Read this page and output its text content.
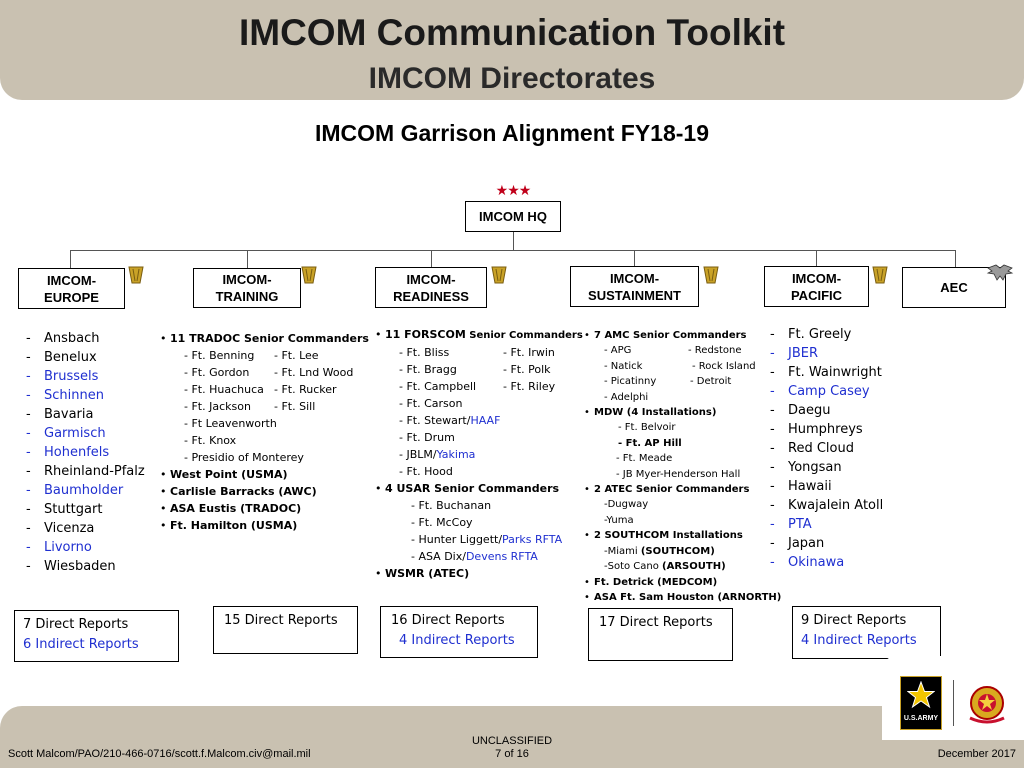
IMCOM Communication Toolkit
IMCOM Directorates
IMCOM Garrison Alignment FY18-19
★★★
IMCOM HQ
IMCOM-
EUROPE
IMCOM-
TRAINING
IMCOM-
READINESS
IMCOM-
SUSTAINMENT
IMCOM-
PACIFIC	AEC
- Ansbach
- Benelux
- Brussels
- Schinnen
- Bavaria
- Garmisch
- Hohenfels
- Rheinland-Pfalz
- Baumholder
- Stuttgart
- Vicenza
- Livorno
- Wiesbaden
• 11 TRADOC Senior Commanders
- Ft. Benning - Ft. Lee
- Ft. Gordon - Ft. Lnd Wood
- Ft. Huachuca - Ft. Rucker
- Ft. Jackson - Ft. Sill
- Ft Leavenworth
- Ft. Knox
- Presidio of Monterey
• West Point (USMA)
• Carlisle Barracks (AWC)
• ASA Eustis (TRADOC)
• Ft. Hamilton (USMA)
• 11 FORSCOM Senior Commanders
- Ft. Bliss	- Ft. Irwin
- Ft. Bragg	- Ft. Polk
- Ft. Campbell - Ft. Riley
- Ft. Carson
- Ft. Stewart/HAAF
- Ft. Drum
- JBLM/Yakima
- Ft. Hood
• 4 USAR Senior Commanders
- Ft. Buchanan
- Ft. McCoy
- Hunter Liggett/Parks RFTA
- ASA Dix/Devens RFTA
• WSMR (ATEC)
• 7 AMC Senior Commanders
- APG	- Redstone
- Natick	- Rock Island
- Picatinny	- Detroit
- Adelphi
• MDW (4 Installations)
- Ft. Belvoir
- Ft. AP Hill
- Ft. Meade
- JB Myer-Henderson Hall
• 2 ATEC Senior Commanders
-Dugway
-Yuma
• 2 SOUTHCOM Installations
-Miami (SOUTHCOM)
-Soto Cano (ARSOUTH)
• Ft. Detrick (MEDCOM)
• ASA Ft. Sam Houston (ARNORTH)
- Ft. Greely
- JBER
- Ft. Wainwright
- Camp Casey
- Daegu
- Humphreys
- Red Cloud
- Yongsan
- Hawaii
- Kwajalein Atoll
- PTA
- Japan
- Okinawa
7 Direct Reports
6 Indirect Reports
15 Direct Reports	16 Direct Reports
4 Indirect Reports
17 Direct Reports	9 Direct Reports
4 Indirect Reports
U.S.ARMY
Scott Malcom/PAO/210-466-0716/scott.f.Malcom.civ@mail.mil
UNCLASSIFIED
7 of 16	December 2017
